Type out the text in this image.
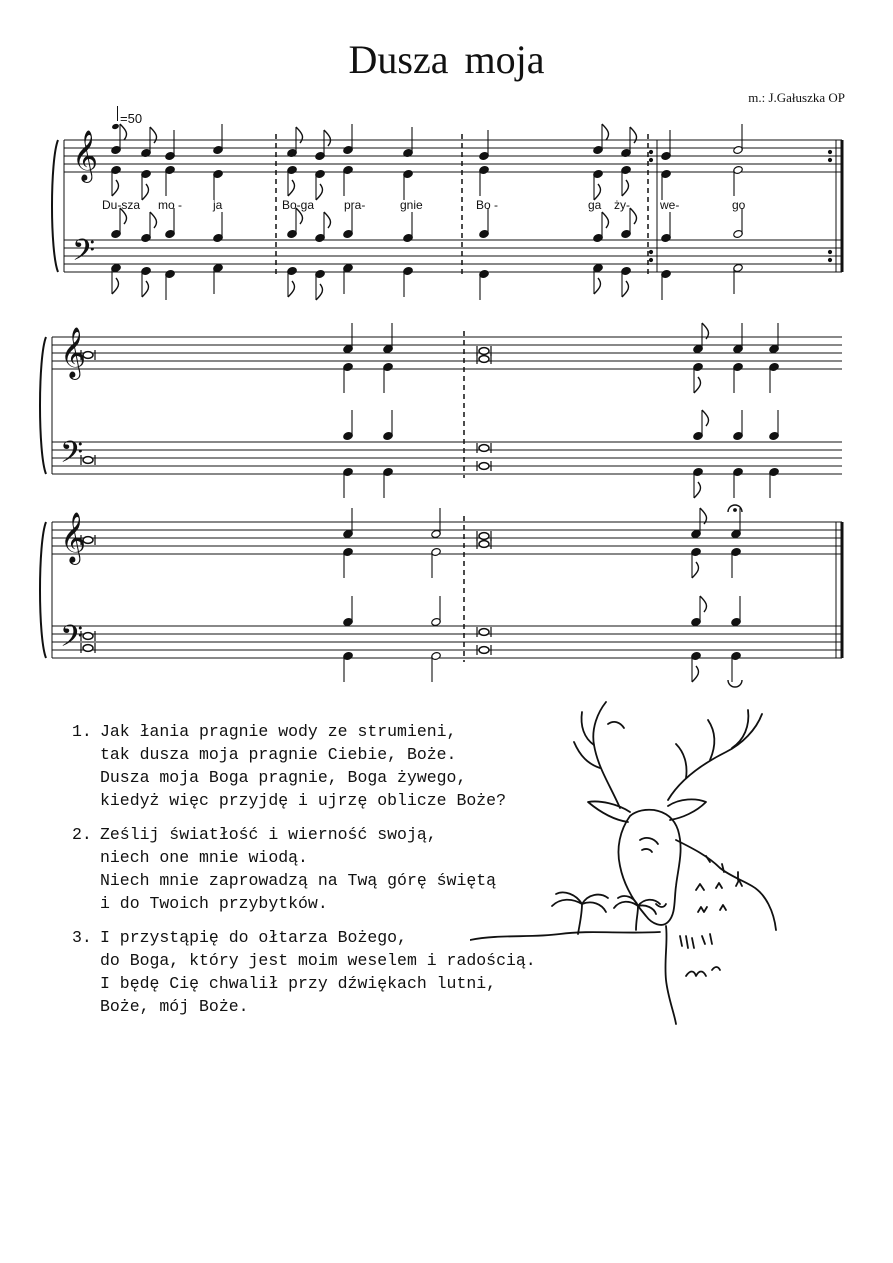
Dusza moja
m.: J.Gałuszka OP
=50
𝄞
𝄢
𝄞
𝄢
𝄞
𝄢
Du-sza mo -	ja	Bo-ga pra-	gnie	Bo -	ga ży-	we-	go
1. Jak łania pragnie wody ze strumieni,
tak dusza moja pragnie Ciebie, Boże.
Dusza moja Boga pragnie, Boga żywego,
kiedyż więc przyjdę i ujrzę oblicze Boże?
2. Ześlij światłość i wierność swoją,
niech one mnie wiodą.
Niech mnie zaprowadzą na Twą górę świętą
i do Twoich przybytków.
3. I przystąpię do ołtarza Bożego,
do Boga, który jest moim weselem i radością.
I będę Cię chwalił przy dźwiękach lutni,
Boże, mój Boże.
